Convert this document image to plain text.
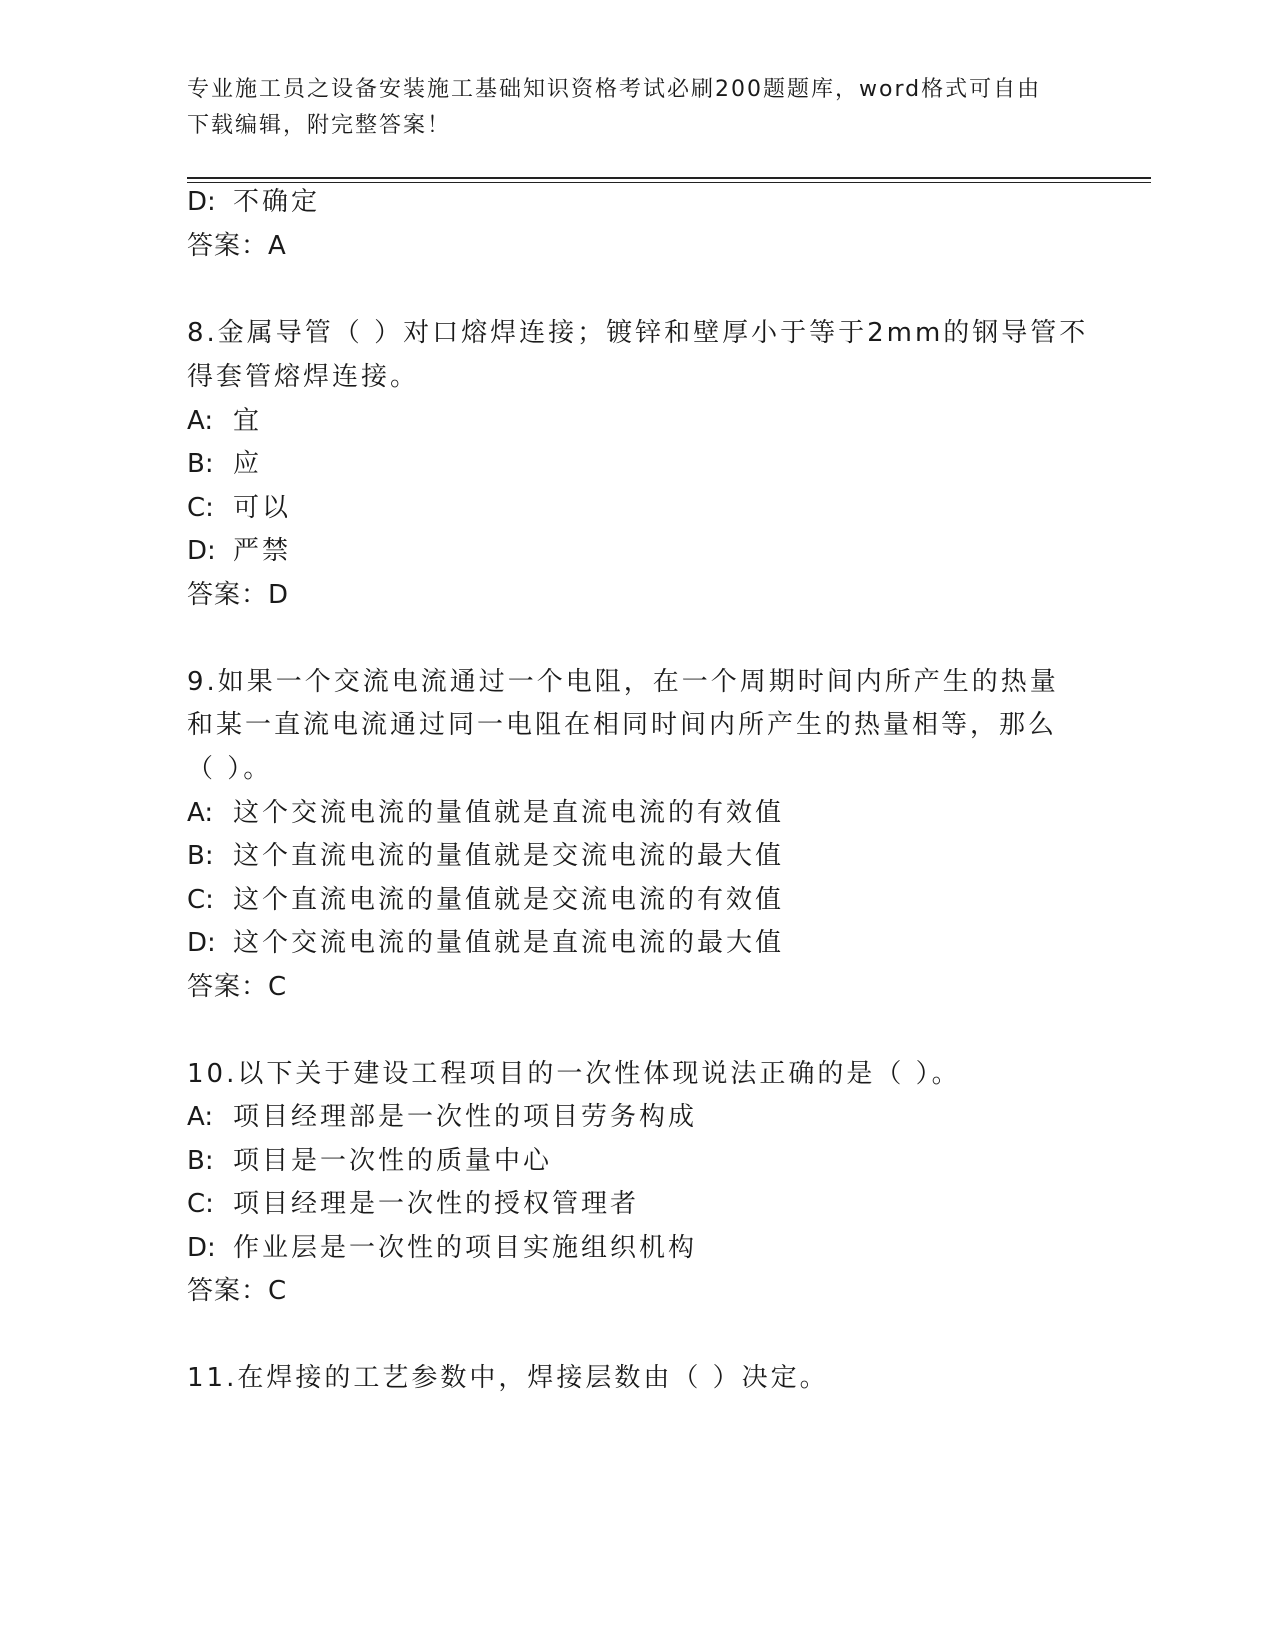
专业施工员之设备安装施工基础知识资格考试必刷200题题库，word格式可自由
下载编辑，附完整答案！
D: 不确定
答案：A
8.金属导管（ ）对口熔焊连接；镀锌和壁厚小于等于2mm的钢导管不
得套管熔焊连接。
A: 宜
B: 应
C: 可以
D: 严禁
答案：D
9.如果一个交流电流通过一个电阻，在一个周期时间内所产生的热量
和某一直流电流通过同一电阻在相同时间内所产生的热量相等，那么
（ ）。
A: 这个交流电流的量值就是直流电流的有效值
B: 这个直流电流的量值就是交流电流的最大值
C: 这个直流电流的量值就是交流电流的有效值
D: 这个交流电流的量值就是直流电流的最大值
答案：C
10.以下关于建设工程项目的一次性体现说法正确的是（ ）。
A: 项目经理部是一次性的项目劳务构成
B: 项目是一次性的质量中心
C: 项目经理是一次性的授权管理者
D: 作业层是一次性的项目实施组织机构
答案：C
11.在焊接的工艺参数中，焊接层数由（ ）决定。
